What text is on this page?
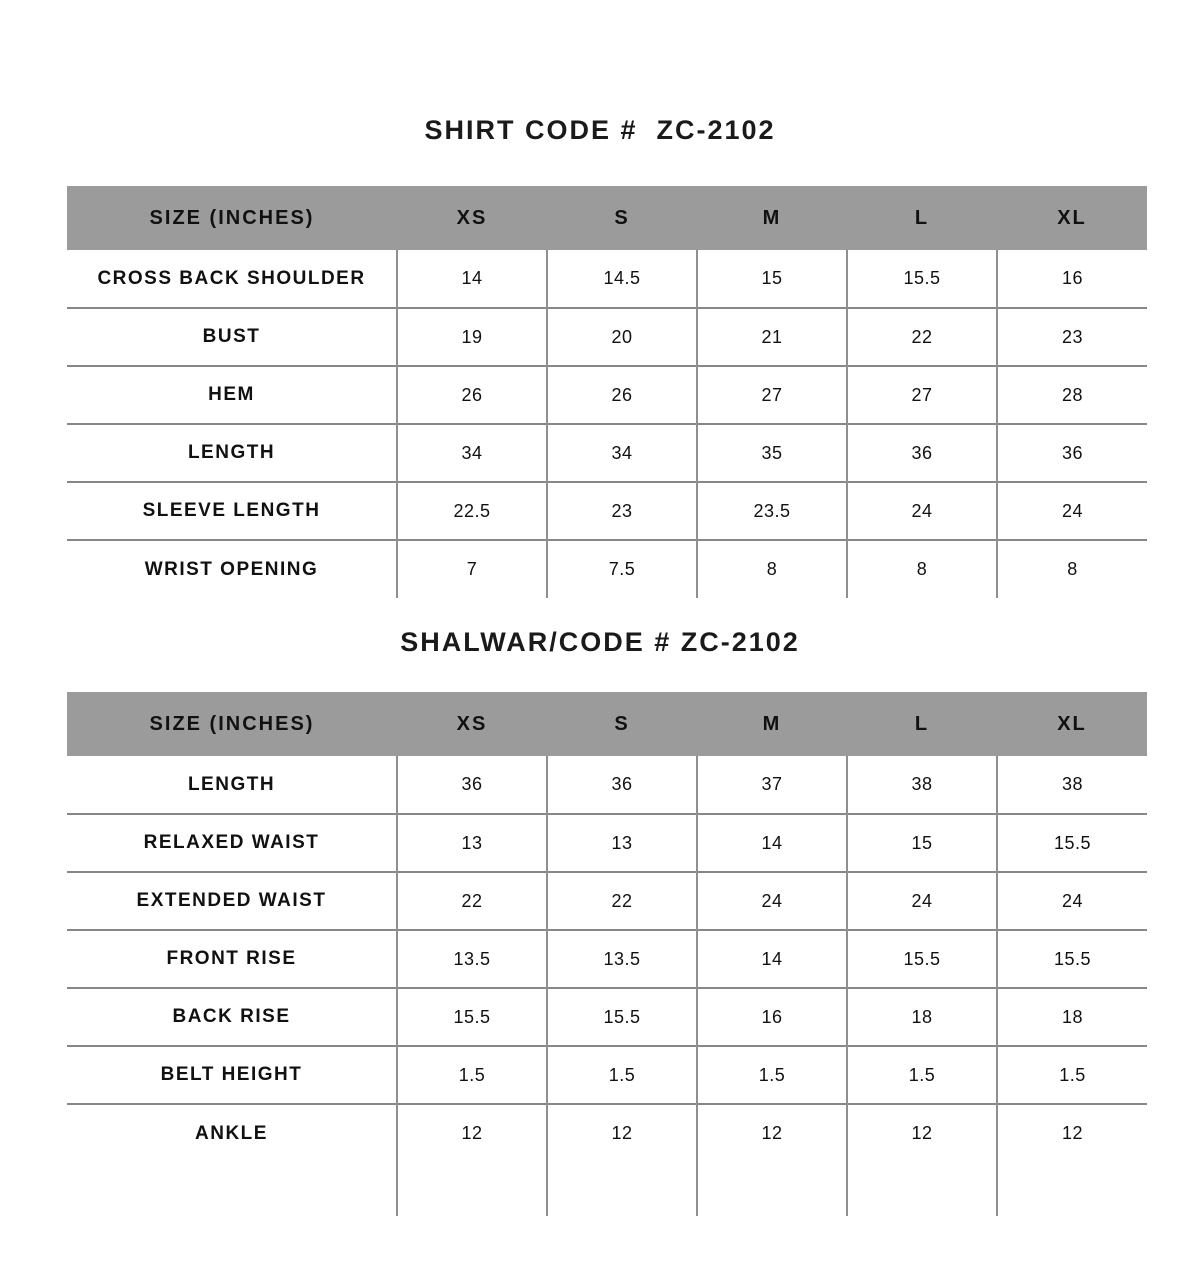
SHIRT CODE #  ZC-2102
SIZE (INCHES)	XS	S	M	L	XL
CROSS BACK SHOULDER	14	14.5	15	15.5	16
BUST	19	20	21	22	23
HEM	26	26	27	27	28
LENGTH	34	34	35	36	36
SLEEVE LENGTH	22.5	23	23.5	24	24
WRIST OPENING	7	7.5	8	8	8
SHALWAR/CODE # ZC-2102
SIZE (INCHES)	XS	S	M	L	XL
LENGTH	36	36	37	38	38
RELAXED WAIST	13	13	14	15	15.5
EXTENDED WAIST	22	22	24	24	24
FRONT RISE	13.5	13.5	14	15.5	15.5
BACK RISE	15.5	15.5	16	18	18
BELT HEIGHT	1.5	1.5	1.5	1.5	1.5
ANKLE	12	12	12	12	12
